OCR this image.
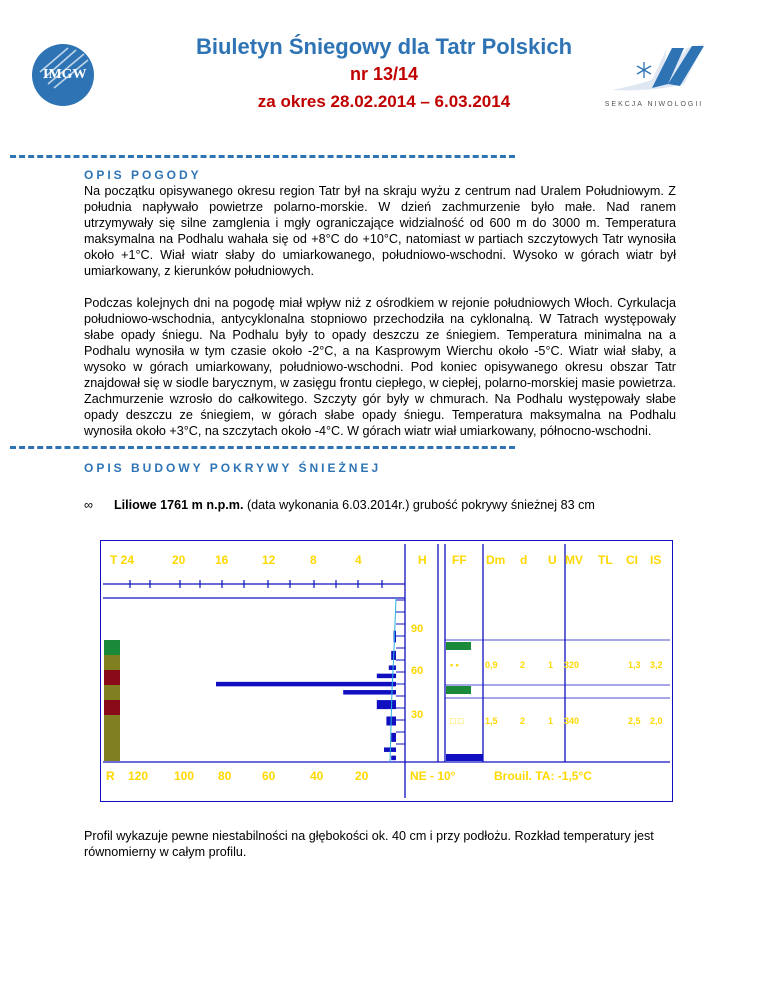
IMGW
Biuletyn Śniegowy dla Tatr Polskich
nr 13/14
za okres 28.02.2014 – 6.03.2014	SEKCJA NIWOLOGII
OPIS POGODY
Na początku opisywanego okresu region Tatr był na skraju wyżu z centrum nad Uralem Południowym. Z południa napływało powietrze polarno-morskie. W dzień zachmurzenie było małe. Nad ranem utrzymywały się silne zamglenia i mgły ograniczające widzialność od 600 m do 3000 m. Temperatura maksymalna na Podhalu wahała się od +8°C do +10°C, natomiast w partiach szczytowych Tatr wynosiła około +1°C. Wiał wiatr słaby do umiarkowanego, południowo-wschodni. Wysoko w górach wiatr był umiarkowany, z kierunków południowych.
Podczas kolejnych dni na pogodę miał wpływ niż z ośrodkiem w rejonie południowych Włoch. Cyrkulacja południowo-wschodnia, antycyklonalna stopniowo przechodziła na cyklonalną. W Tatrach występowały słabe opady śniegu. Na Podhalu były to opady deszczu ze śniegiem. Temperatura minimalna na a Podhalu wynosiła w tym czasie około -2°C, a na Kasprowym Wierchu około -5°C. Wiatr wiał słaby, a wysoko w górach umiarkowany, południowo-wschodni. Pod koniec opisywanego okresu obszar Tatr znajdował się w siodle barycznym, w zasięgu frontu ciepłego, w ciepłej, polarno-morskiej masie powietrza. Zachmurzenie wzrosło do całkowitego. Szczyty gór były w chmurach. Na Podhalu występowały słabe opady deszczu ze śniegiem, w górach słabe opady śniegu. Temperatura maksymalna na Podhalu wynosiła około +3°C, na szczytach około -4°C. W górach wiatr wiał umiarkowany, północno-wschodni.
OPIS BUDOWY POKRYWY ŚNIEŻNEJ
∞ Liliowe 1761 m n.p.m. (data wykonania 6.03.2014r.) grubość pokrywy śnieżnej 83 cm
T 24	20 16	12	8	4	H FF Dm d U MV TL CI IS
90
60
30
• •	0,9 2	1 320	1,3 3,2
□ □ 1,5 2	1 340	2,5 2,0
R 120 100 80	60	40	20	NE - 10°	Brouil. TA: -1,5°C
Profil wykazuje pewne niestabilności na głębokości ok. 40 cm i przy podłożu. Rozkład temperatury jest równomierny w całym profilu.
